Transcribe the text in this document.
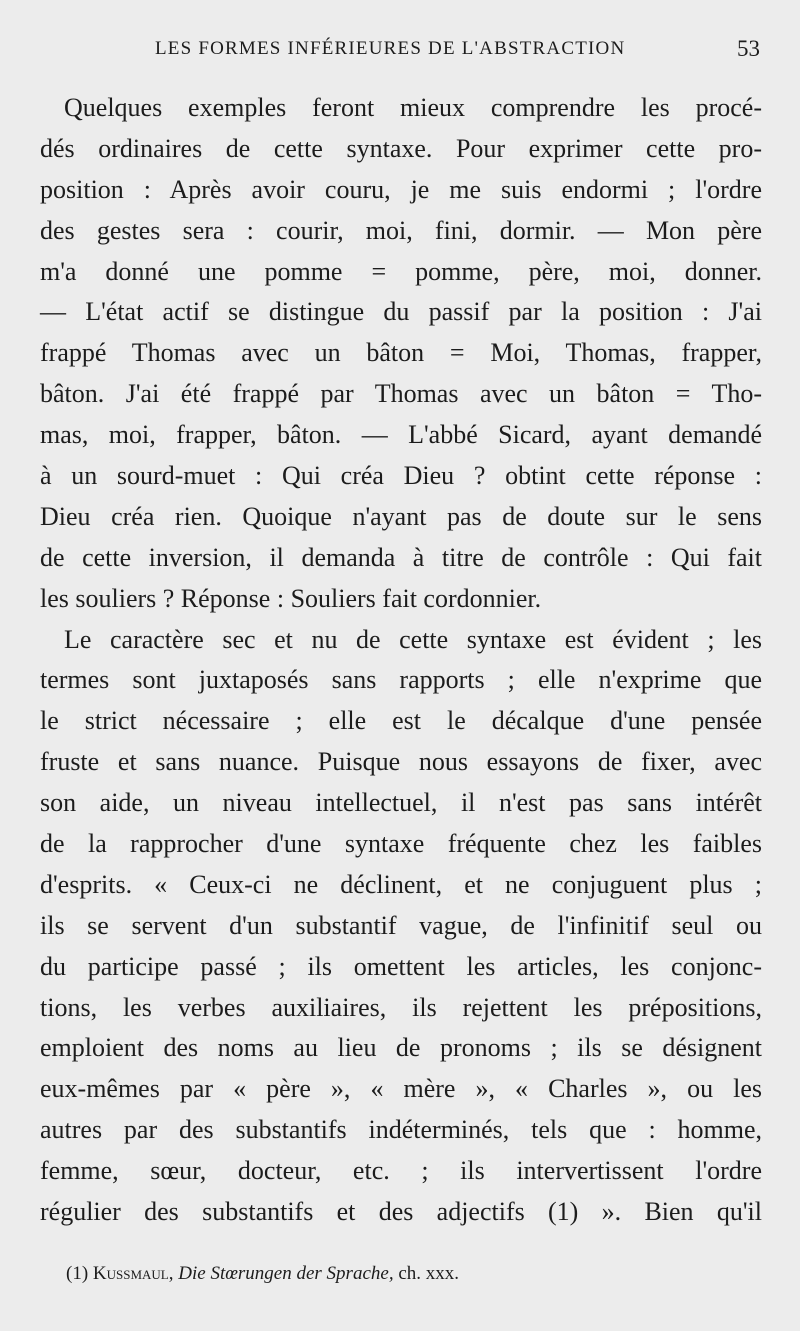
LES FORMES INFÉRIEURES DE L'ABSTRACTION	53
Quelques exemples feront mieux comprendre les procé-
dés ordinaires de cette syntaxe. Pour exprimer cette pro-
position : Après avoir couru, je me suis endormi ; l'ordre
des gestes sera : courir, moi, fini, dormir. — Mon père
m'a donné une pomme = pomme, père, moi, donner.
— L'état actif se distingue du passif par la position : J'ai
frappé Thomas avec un bâton = Moi, Thomas, frapper,
bâton. J'ai été frappé par Thomas avec un bâton = Tho-
mas, moi, frapper, bâton. — L'abbé Sicard, ayant demandé
à un sourd-muet : Qui créa Dieu ? obtint cette réponse :
Dieu créa rien. Quoique n'ayant pas de doute sur le sens
de cette inversion, il demanda à titre de contrôle : Qui fait
les souliers ? Réponse : Souliers fait cordonnier.
Le caractère sec et nu de cette syntaxe est évident ; les
termes sont juxtaposés sans rapports ; elle n'exprime que
le strict nécessaire ; elle est le décalque d'une pensée
fruste et sans nuance. Puisque nous essayons de fixer, avec
son aide, un niveau intellectuel, il n'est pas sans intérêt
de la rapprocher d'une syntaxe fréquente chez les faibles
d'esprits. « Ceux-ci ne déclinent, et ne conjuguent plus ;
ils se servent d'un substantif vague, de l'infinitif seul ou
du participe passé ; ils omettent les articles, les conjonc-
tions, les verbes auxiliaires, ils rejettent les prépositions,
emploient des noms au lieu de pronoms ; ils se désignent
eux-mêmes par « père », « mère », « Charles », ou les
autres par des substantifs indéterminés, tels que : homme,
femme, sœur, docteur, etc. ; ils intervertissent l'ordre
régulier des substantifs et des adjectifs (1) ». Bien qu'il
(1) Kussmaul, Die Stœrungen der Sprache, ch. xxx.
